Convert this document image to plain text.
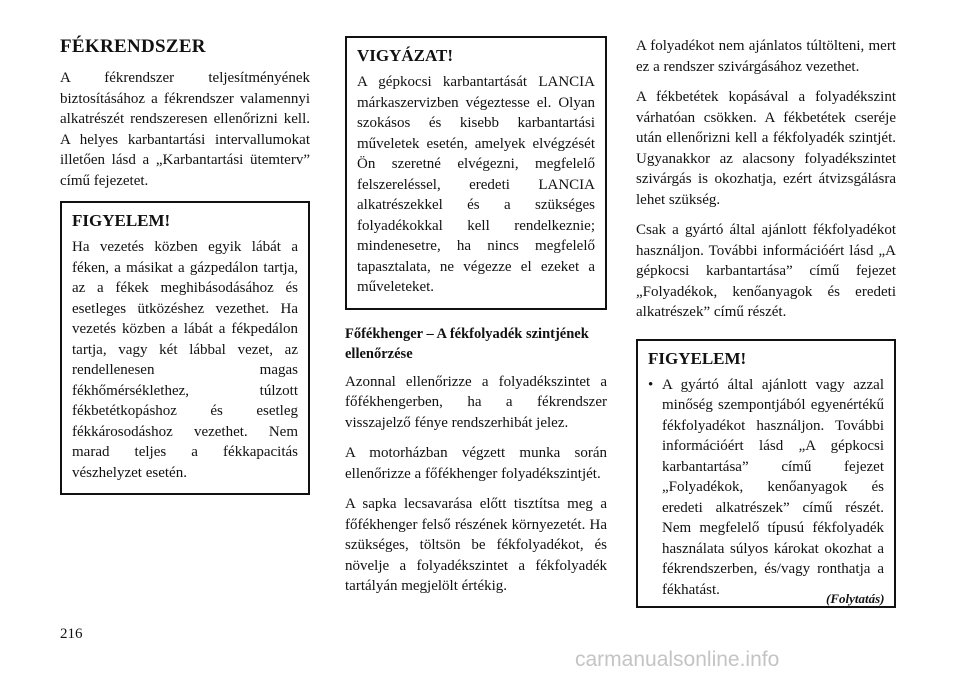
FÉKRENDSZER

A fékrendszer teljesítményének biztosításához a fékrendszer valamennyi alkatrészét rendszeresen ellenőrizni kell. A helyes karbantartási intervallumokat illetően lásd a „Karbantartási ütemterv” című fejezetet.

FIGYELEM!

Ha vezetés közben egyik lábát a féken, a másikat a gázpedálon tartja, az a fékek meghibásodásához és esetleges ütközéshez vezethet. Ha vezetés közben a lábát a fékpedálon tartja, vagy két lábbal vezet, az rendellenesen magas fékhőmérséklethez, túlzott fékbetétkopáshoz és esetleg fékkárosodáshoz vezethet. Nem marad teljes a fékkapacitás vészhelyzet esetén.

VIGYÁZAT!

A gépkocsi karbantartását LANCIA márkaszervizben végeztesse el. Olyan szokásos és kisebb karbantartási műveletek esetén, amelyek elvégzését Ön szeretné elvégezni, megfelelő felszereléssel, eredeti LANCIA alkatrészekkel és a szükséges folyadékokkal kell rendelkeznie; mindenesetre, ha nincs megfelelő tapasztalata, ne végezze el ezeket a műveleteket.

Főfékhenger – A fékfolyadék szintjének ellenőrzése

Azonnal ellenőrizze a folyadékszintet a főfékhengerben, ha a fékrendszer visszajelző fénye rendszerhibát jelez.

A motorházban végzett munka során ellenőrizze a főfékhenger folyadékszintjét.

A sapka lecsavarása előtt tisztítsa meg a főfékhenger felső részének környezetét. Ha szükséges, töltsön be fékfolyadékot, és növelje a folyadékszintet a fékfolyadék tartályán megjelölt értékig.

A folyadékot nem ajánlatos túltölteni, mert ez a rendszer szivárgásához vezethet.

A fékbetétek kopásával a folyadékszint várhatóan csökken. A fékbetétek cseréje után ellenőrizni kell a fékfolyadék szintjét. Ugyanakkor az alacsony folyadékszintet szivárgás is okozhatja, ezért átvizsgálásra lehet szükség.

Csak a gyártó által ajánlott fékfolyadékot használjon. További információért lásd „A gépkocsi karbantartása” című fejezet „Folyadékok, kenőanyagok és eredeti alkatrészek” című részét.

FIGYELEM!
• A gyártó által ajánlott vagy azzal minőség szempontjából egyenértékű fékfolyadékot használjon. További információért lásd „A gépkocsi karbantartása” című fejezet „Folyadékok, kenőanyagok és eredeti alkatrészek” című részét. Nem megfelelő típusú fékfolyadék használata súlyos károkat okozhat a fékrendszerben, és/vagy ronthatja a fékhatást.
(Folytatás)
216
carmanualsonline.info
